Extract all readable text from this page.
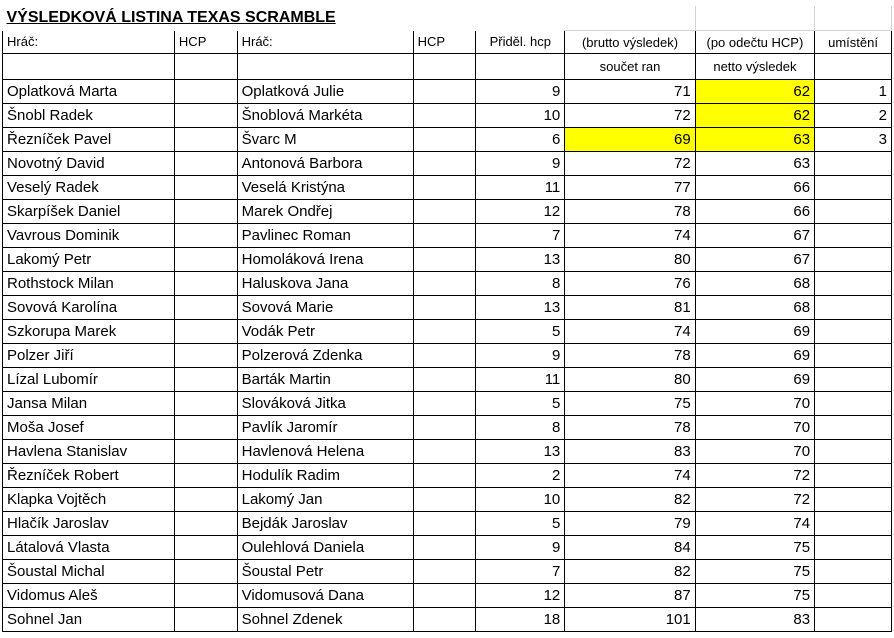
VÝSLEDKOVÁ LISTINA TEXAS SCRAMBLE							
Hráč:	HCP	Hráč:	HCP	Přiděl. hcp	(brutto výsledek)	(po odečtu HCP)	umístění
					součet ran	netto výsledek	
Oplatková Marta		Oplatková Julie		9	71	62	1
Šnobl Radek		Šnoblová Markéta		10	72	62	2
Řezníček Pavel		Švarc M		6	69	63	3
Novotný David		Antonová Barbora		9	72	63	
Veselý Radek		Veselá Kristýna		11	77	66	
Skarpíšek Daniel		Marek Ondřej		12	78	66	
Vavrous Dominik		Pavlinec Roman		7	74	67	
Lakomý Petr		Homoláková Irena		13	80	67	
Rothstock Milan		Haluskova Jana		8	76	68	
Sovová Karolína		Sovová Marie		13	81	68	
Szkorupa Marek		Vodák Petr		5	74	69	
Polzer Jiří		Polzerová Zdenka		9	78	69	
Lízal Lubomír		Barták Martin		11	80	69	
Jansa Milan		Slováková Jitka		5	75	70	
Moša Josef		Pavlík Jaromír		8	78	70	
Havlena Stanislav		Havlenová Helena		13	83	70	
Řezníček Robert		Hodulík Radim		2	74	72	
Klapka Vojtěch		Lakomý Jan		10	82	72	
Hlačík Jaroslav		Bejdák Jaroslav		5	79	74	
Látalová Vlasta		Oulehlová Daniela		9	84	75	
Šoustal Michal		Šoustal Petr		7	82	75	
Vidomus Aleš		Vidomusová Dana		12	87	75	
Sohnel Jan		Sohnel Zdenek		18	101	83	
